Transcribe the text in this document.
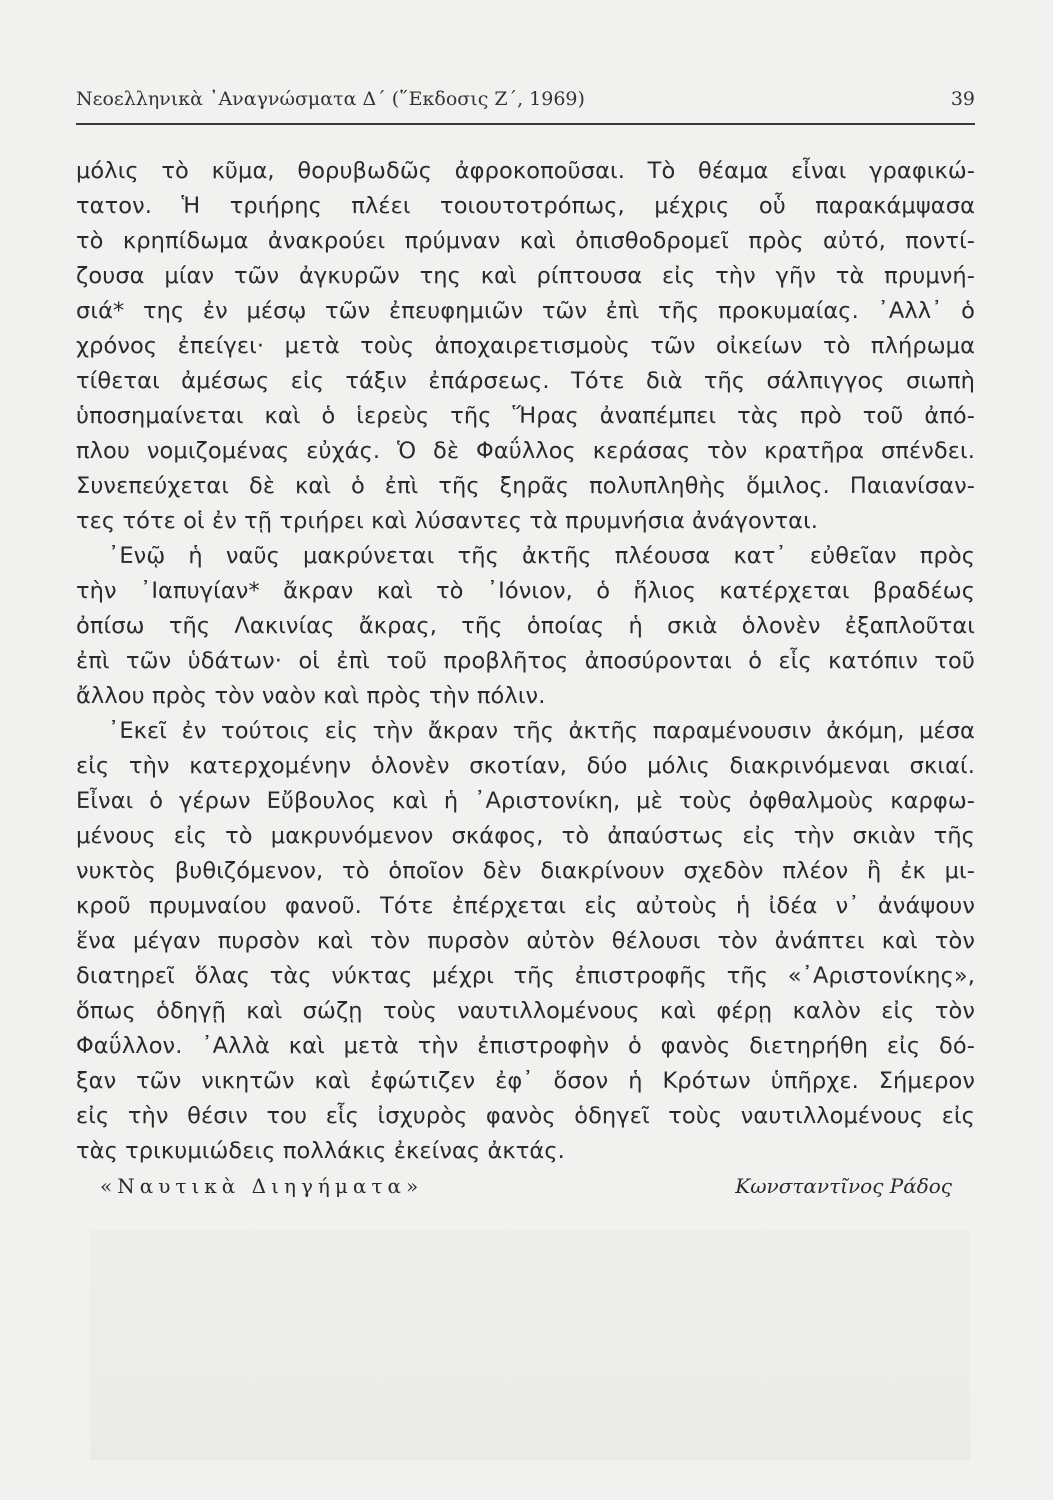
Νεοελληνικὰ ᾿Αναγνώσματα Δ΄ (῞Εκδοσις Ζ΄, 1969)	39
μόλις τὸ κῦμα, θορυβωδῶς ἀφροκοποῦσαι. Τὸ θέαμα εἶναι γραφικώ-
τατον. Ἡ τριήρης πλέει τοιουτοτρόπως, μέχρις οὗ παρακάμψασα
τὸ κρηπίδωμα ἀνακρούει πρύμναν καὶ ὀπισθοδρομεῖ πρὸς αὐτό, ποντί-
ζουσα μίαν τῶν ἀγκυρῶν της καὶ ρίπτουσα εἰς τὴν γῆν τὰ πρυμνή-
σιά* της ἐν μέσῳ τῶν ἐπευφημιῶν τῶν ἐπὶ τῆς προκυμαίας. ᾿Αλλ᾿ ὁ
χρόνος ἐπείγει· μετὰ τοὺς ἀποχαιρετισμοὺς τῶν οἰκείων τὸ πλήρωμα
τίθεται ἀμέσως εἰς τάξιν ἐπάρσεως. Τότε διὰ τῆς σάλπιγγος σιωπὴ
ὑποσημαίνεται καὶ ὁ ἱερεὺς τῆς Ἥρας ἀναπέμπει τὰς πρὸ τοῦ ἀπό-
πλου νομιζομένας εὐχάς. Ὁ δὲ Φαΰλλος κεράσας τὸν κρατῆρα σπένδει.
Συνεπεύχεται δὲ καὶ ὁ ἐπὶ τῆς ξηρᾶς πολυπληθὴς ὅμιλος. Παιανίσαν-
τες τότε οἱ ἐν τῇ τριήρει καὶ λύσαντες τὰ πρυμνήσια ἀνάγονται.
᾿Ενῷ ἡ ναῦς μακρύνεται τῆς ἀκτῆς πλέουσα κατ᾿ εὐθεῖαν πρὸς
τὴν ᾿Ιαπυγίαν* ἄκραν καὶ τὸ ᾿Ιόνιον, ὁ ἥλιος κατέρχεται βραδέως
ὀπίσω τῆς Λακινίας ἄκρας, τῆς ὁποίας ἡ σκιὰ ὁλονὲν ἐξαπλοῦται
ἐπὶ τῶν ὑδάτων· οἱ ἐπὶ τοῦ προβλῆτος ἀποσύρονται ὁ εἷς κατόπιν τοῦ
ἄλλου πρὸς τὸν ναὸν καὶ πρὸς τὴν πόλιν.
᾿Εκεῖ ἐν τούτοις εἰς τὴν ἄκραν τῆς ἀκτῆς παραμένουσιν ἀκόμη, μέσα
εἰς τὴν κατερχομένην ὁλονὲν σκοτίαν, δύο μόλις διακρινόμεναι σκιαί.
Εἶναι ὁ γέρων Εὔβουλος καὶ ἡ ᾿Αριστονίκη, μὲ τοὺς ὀφθαλμοὺς καρφω-
μένους εἰς τὸ μακρυνόμενον σκάφος, τὸ ἀπαύστως εἰς τὴν σκιὰν τῆς
νυκτὸς βυθιζόμενον, τὸ ὁποῖον δὲν διακρίνουν σχεδὸν πλέον ἢ ἐκ μι-
κροῦ πρυμναίου φανοῦ. Τότε ἐπέρχεται εἰς αὐτοὺς ἡ ἰδέα ν᾿ ἀνάψουν
ἕνα μέγαν πυρσὸν καὶ τὸν πυρσὸν αὐτὸν θέλουσι τὸν ἀνάπτει καὶ τὸν
διατηρεῖ ὅλας τὰς νύκτας μέχρι τῆς ἐπιστροφῆς τῆς «᾿Αριστονίκης»,
ὅπως ὁδηγῇ καὶ σώζῃ τοὺς ναυτιλλομένους καὶ φέρῃ καλὸν εἰς τὸν
Φαΰλλον. ᾿Αλλὰ καὶ μετὰ τὴν ἐπιστροφὴν ὁ φανὸς διετηρήθη εἰς δό-
ξαν τῶν νικητῶν καὶ ἐφώτιζεν ἐφ᾿ ὅσον ἡ Κρότων ὑπῆρχε. Σήμερον
εἰς τὴν θέσιν του εἷς ἰσχυρὸς φανὸς ὁδηγεῖ τοὺς ναυτιλλομένους εἰς
τὰς τρικυμιώδεις πολλάκις ἐκείνας ἀκτάς.
«Ναυτικὰ Διηγήματα»	Κωνσταντῖνος Ράδος
